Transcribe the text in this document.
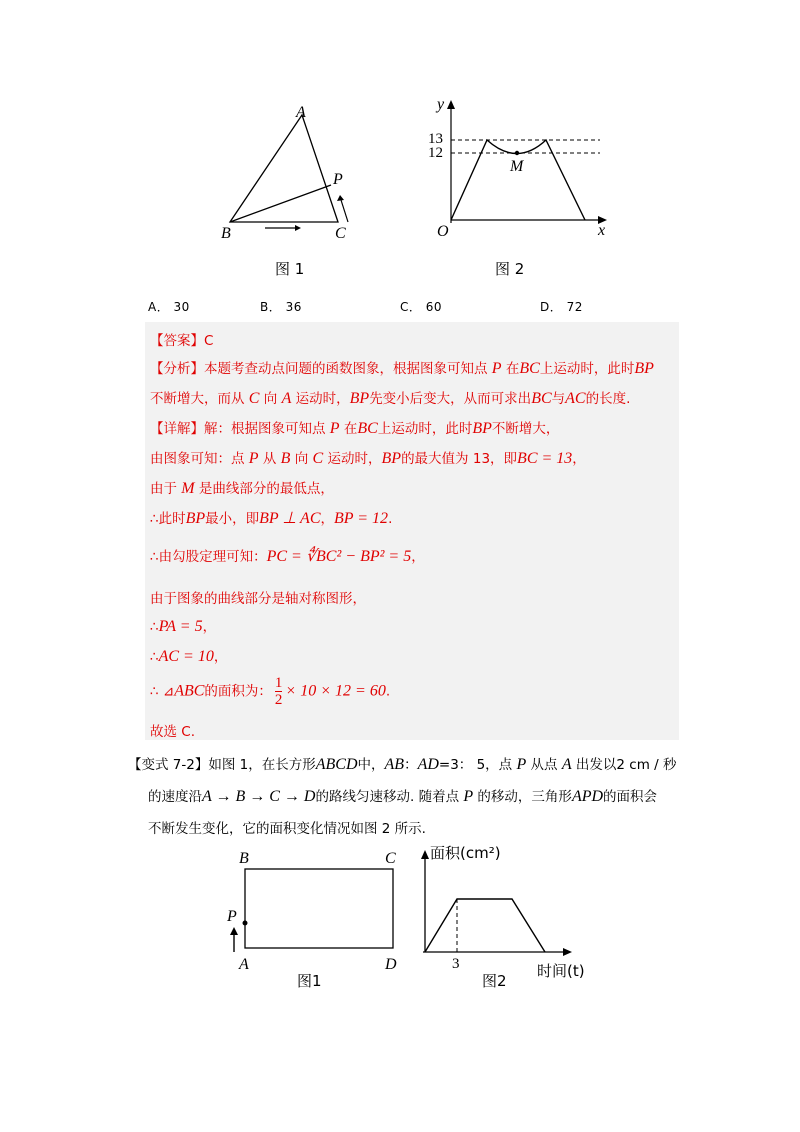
A
P
B	C
图 1
y
x
O
M
13
12
图 2
A． 30	B． 36	C． 60	D． 72
【答案】C
【分析】本题考查动点问题的函数图象，根据图象可知点 P 在BC上运动时，此时BP
不断增大，而从 C 向 A 运动时，BP先变小后变大，从而可求出BC与AC的长度.
【详解】解：根据图象可知点 P 在BC上运动时，此时BP不断增大，
由图象可知：点 P 从 B 向 C 运动时，BP的最大值为 13，即BC = 13，
由于 M 是曲线部分的最低点，
∴此时BP最小，即BP ⊥ AC，BP = 12.
∴由勾股定理可知：PC = ∜BC² − BP² = 5，
由于图象的曲线部分是轴对称图形，
∴PA = 5，
∴AC = 10，
∴ ⊿ABC的面积为： $\frac{1}{2} \times 10 \times 12 = 60$.
故选 C.
【变式 7-2】如图 1，在长方形ABCD中，AB：AD=3： 5，点 P 从点 A 出发以2 cm / 秒
的速度沿A → B → C → D的路线匀速移动. 随着点 P 的移动，三角形APD的面积会
不断发生变化，它的面积变化情况如图 2 所示.
B	C
P
A	D
图1
面积(cm²)
3	时间(t)
图2
